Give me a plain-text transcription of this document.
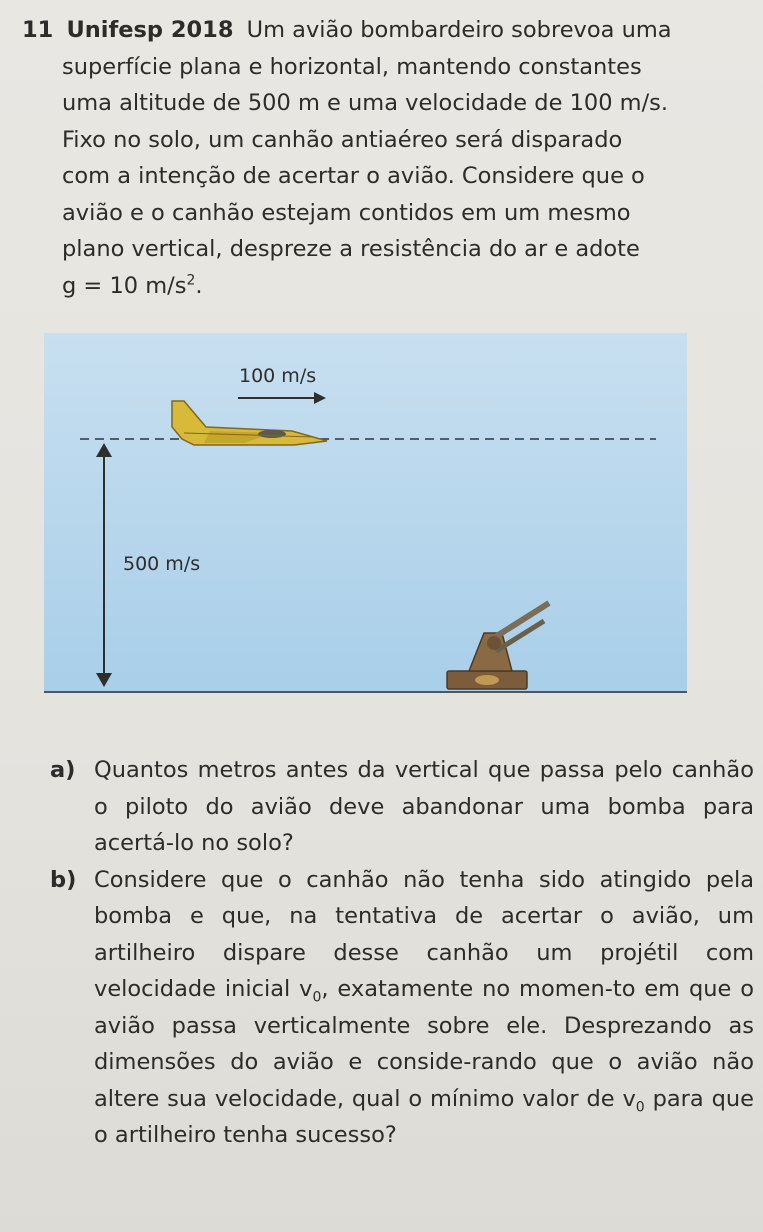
11 Unifesp 2018 Um avião bombardeiro sobrevoa uma
superfície plana e horizontal, mantendo constantes
uma altitude de 500 m e uma velocidade de 100 m/s.
Fixo no solo, um canhão antiaéreo será disparado
com a intenção de acertar o avião. Considere que o
avião e o canhão estejam contidos em um mesmo
plano vertical, despreze a resistência do ar e adote
g = 10 $m/s^2$.
100 m/s
500 m/s
a) Quantos metros antes da vertical que passa pelo canhão o piloto do avião deve abandonar uma bomba para acertá-lo no solo?
b) Considere que o canhão não tenha sido atingido pela bomba e que, na tentativa de acertar o avião, um artilheiro dispare desse canhão um projétil com velocidade inicial $v_0$, exatamente no momen-to em que o avião passa verticalmente sobre ele. Desprezando as dimensões do avião e conside-rando que o avião não altere sua velocidade, qual o mínimo valor de $v_0$ para que o artilheiro tenha sucesso?
